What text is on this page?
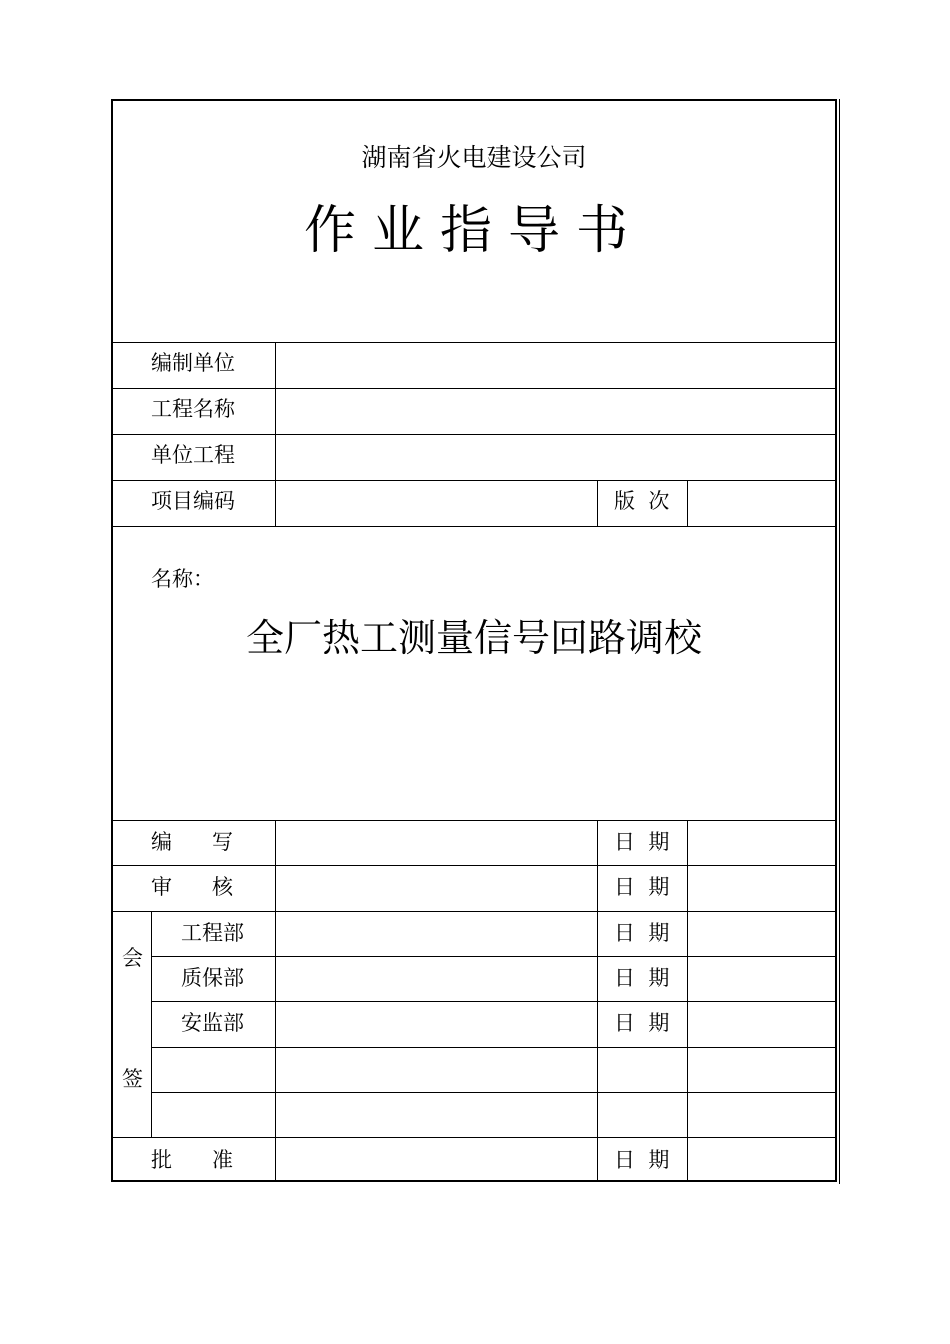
湖南省火电建设公司
作业指导书
编制单位
工程名称
单位工程
项目编码	版  次
名称：
全厂热工测量信号回路调校
编      写	日  期
审      核	日  期
会
签
工程部	日  期
质保部	日  期
安监部	日  期
批      准	日  期
